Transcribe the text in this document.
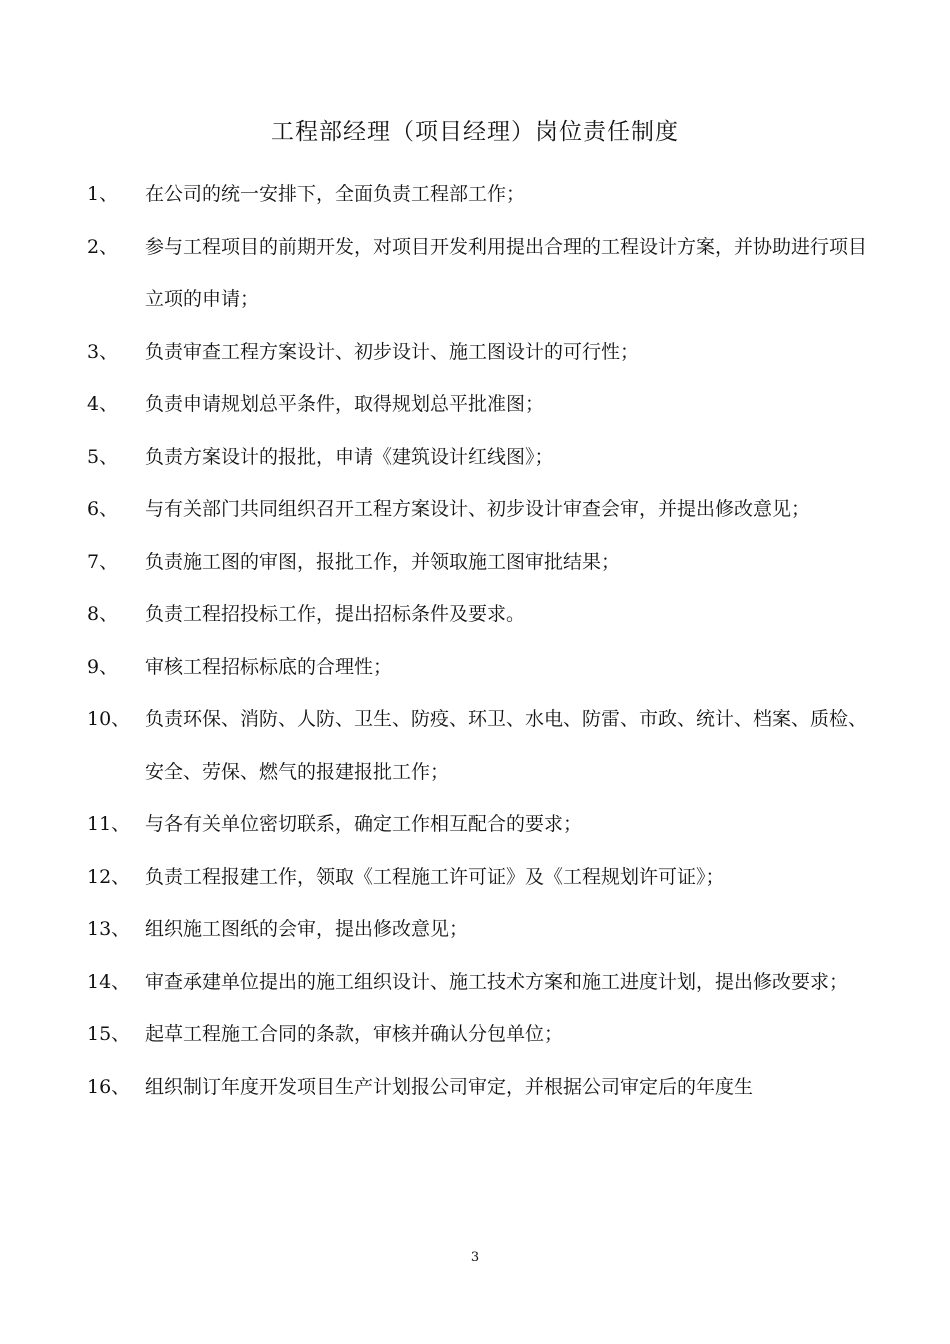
工程部经理（项目经理）岗位责任制度
1、 在公司的统一安排下，全面负责工程部工作；
2、 参与工程项目的前期开发，对项目开发利用提出合理的工程设计方案，并协助进行项目立项的申请；
3、 负责审查工程方案设计、初步设计、施工图设计的可行性；
4、 负责申请规划总平条件，取得规划总平批准图；
5、 负责方案设计的报批，申请《建筑设计红线图》；
6、 与有关部门共同组织召开工程方案设计、初步设计审查会审，并提出修改意见；
7、 负责施工图的审图，报批工作，并领取施工图审批结果；
8、 负责工程招投标工作，提出招标条件及要求。
9、 审核工程招标标底的合理性；
10、 负责环保、消防、人防、卫生、防疫、环卫、水电、防雷、市政、统计、档案、质检、安全、劳保、燃气的报建报批工作；
11、 与各有关单位密切联系，确定工作相互配合的要求；
12、 负责工程报建工作，领取《工程施工许可证》及《工程规划许可证》；
13、 组织施工图纸的会审，提出修改意见；
14、 审查承建单位提出的施工组织设计、施工技术方案和施工进度计划，提出修改要求；
15、 起草工程施工合同的条款，审核并确认分包单位；
16、 组织制订年度开发项目生产计划报公司审定，并根据公司审定后的年度生
3
